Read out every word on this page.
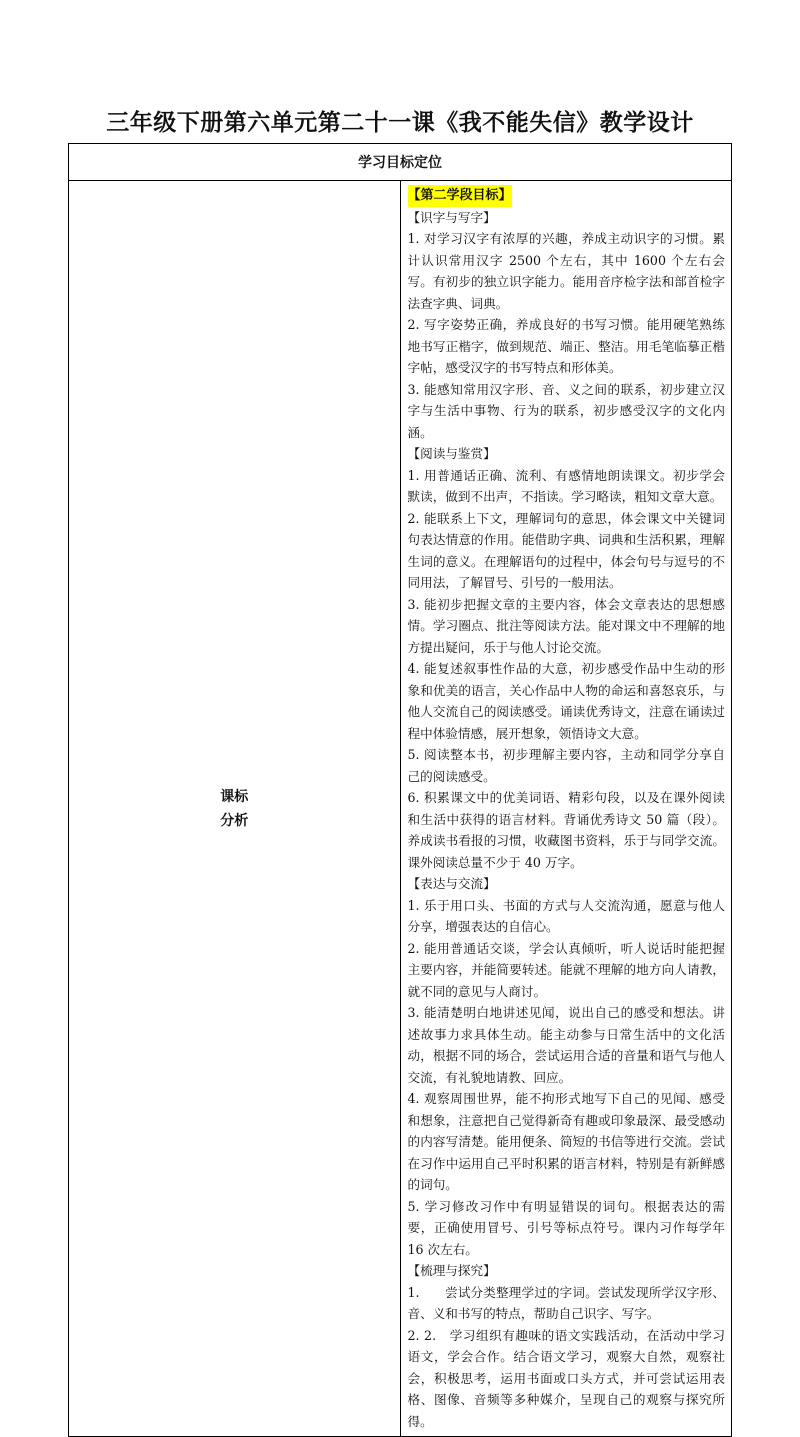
三年级下册第六单元第二十一课《我不能失信》教学设计
学习目标定位

课标
分析

【第二学段目标】
【识字与写字】
1. 对学习汉字有浓厚的兴趣，养成主动识字的习惯。累计认识常用汉字 2500 个左右，其中 1600 个左右会写。有初步的独立识字能力。能用音序检字法和部首检字法查字典、词典。
2. 写字姿势正确，养成良好的书写习惯。能用硬笔熟练地书写正楷字，做到规范、端正、整洁。用毛笔临摹正楷字帖，感受汉字的书写特点和形体美。
3. 能感知常用汉字形、音、义之间的联系，初步建立汉字与生活中事物、行为的联系，初步感受汉字的文化内涵。
【阅读与鉴赏】
1. 用普通话正确、流利、有感情地朗读课文。初步学会默读，做到不出声，不指读。学习略读，粗知文章大意。
2. 能联系上下文，理解词句的意思，体会课文中关键词句表达情意的作用。能借助字典、词典和生活积累，理解生词的意义。在理解语句的过程中，体会句号与逗号的不同用法，了解冒号、引号的一般用法。
3. 能初步把握文章的主要内容，体会文章表达的思想感情。学习圈点、批注等阅读方法。能对课文中不理解的地方提出疑问，乐于与他人讨论交流。
4. 能复述叙事性作品的大意，初步感受作品中生动的形象和优美的语言，关心作品中人物的命运和喜怒哀乐，与他人交流自己的阅读感受。诵读优秀诗文，注意在诵读过程中体验情感，展开想象，领悟诗文大意。
5. 阅读整本书，初步理解主要内容，主动和同学分享自己的阅读感受。
6. 积累课文中的优美词语、精彩句段，以及在课外阅读和生活中获得的语言材料。背诵优秀诗文 50 篇（段）。养成读书看报的习惯，收藏图书资料，乐于与同学交流。课外阅读总量不少于 40 万字。
【表达与交流】
1. 乐于用口头、书面的方式与人交流沟通，愿意与他人分享，增强表达的自信心。
2. 能用普通话交谈，学会认真倾听，听人说话时能把握主要内容，并能简要转述。能就不理解的地方向人请教，就不同的意见与人商讨。
3. 能清楚明白地讲述见闻，说出自己的感受和想法。讲述故事力求具体生动。能主动参与日常生活中的文化活动，根据不同的场合，尝试运用合适的音量和语气与他人交流，有礼貌地请教、回应。
4. 观察周围世界，能不拘形式地写下自己的见闻、感受和想象，注意把自己觉得新奇有趣或印象最深、最受感动的内容写清楚。能用便条、简短的书信等进行交流。尝试在习作中运用自己平时积累的语言材料，特别是有新鲜感的词句。
5. 学习修改习作中有明显错误的词句。根据表达的需要，正确使用冒号、引号等标点符号。课内习作每学年 16 次左右。
【梳理与探究】
1.　　尝试分类整理学过的字词。尝试发现所学汉字形、音、义和书写的特点，帮助自己识字、写字。
2. 2.　学习组织有趣味的语文实践活动，在活动中学习语文，学会合作。结合语文学习，观察大自然，观察社会，积极思考，运用书面或口头方式，并可尝试运用表格、图像、音频等多种媒介，呈现自己的观察与探究所得。
